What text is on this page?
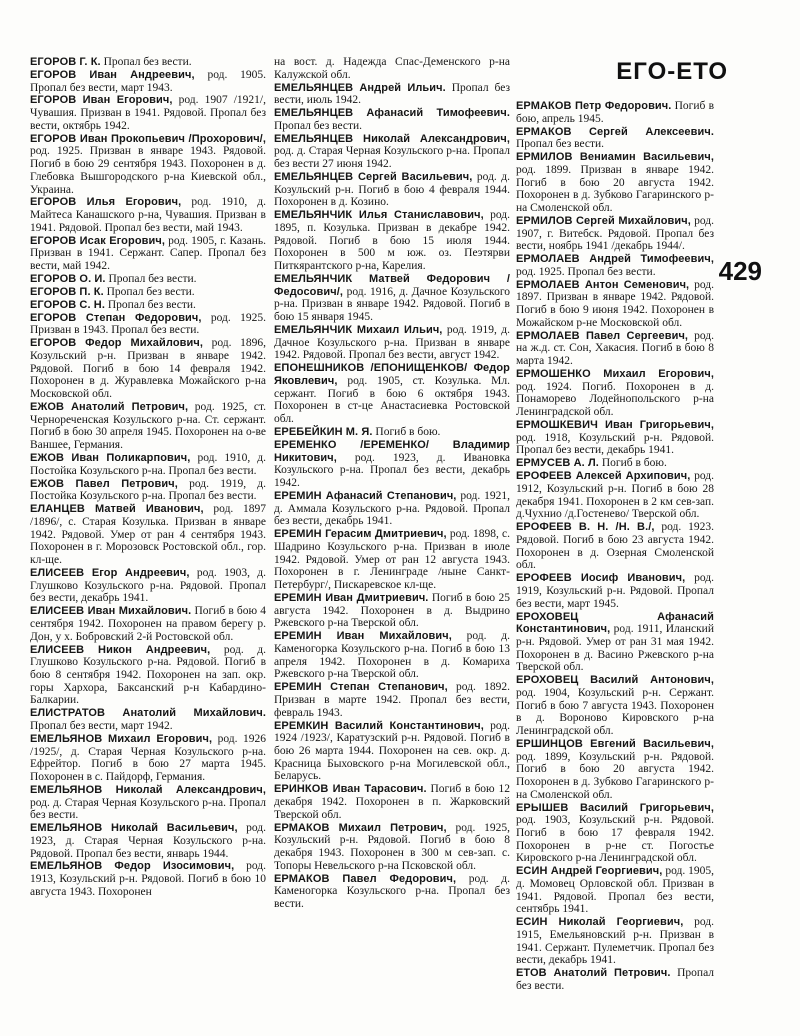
ЕГО-ЕТО
429
ЕГОРОВ Г. К. Пропал без вести.
ЕГОРОВ Иван Андреевич, род. 1905. Пропал без вести, март 1943.
ЕГОРОВ Иван Егорович, род. 1907 /1921/, Чувашия. Призван в 1941. Рядовой. Пропал без вести, октябрь 1942.
ЕГОРОВ Иван Прокопьевич /Прохорович/, род. 1925. Призван в январе 1943. Рядовой. Погиб в бою 29 сентября 1943. Похоронен в д. Глебовка Вышгородского р-на Киевской обл., Украина.
ЕГОРОВ Илья Егорович, род. 1910, д. Майтеса Канашского р-на, Чувашия. Призван в 1941. Рядовой. Пропал без вести, май 1943.
ЕГОРОВ Исак Егорович, род. 1905, г. Казань. Призван в 1941. Сержант. Сапер. Пропал без вести, май 1942.
ЕГОРОВ О. И. Пропал без вести.
ЕГОРОВ П. К. Пропал без вести.
ЕГОРОВ С. Н. Пропал без вести.
ЕГОРОВ Степан Федорович, род. 1925. Призван в 1943. Пропал без вести.
ЕГОРОВ Федор Михайлович, род. 1896, Козульский р-н. Призван в январе 1942. Рядовой. Погиб в бою 14 февраля 1942. Похоронен в д. Журавлевка Можайского р-на Московской обл.
ЕЖОВ Анатолий Петрович, род. 1925, ст. Чернореченская Козульского р-на. Ст. сержант. Погиб в бою 30 апреля 1945. Похоронен на о-ве Ваншее, Германия.
ЕЖОВ Иван Поликарпович, род. 1910, д. Постойка Козульского р-на. Пропал без вести.
ЕЖОВ Павел Петрович, род. 1919, д. Постойка Козульского р-на. Пропал без вести.
ЕЛАНЦЕВ Матвей Иванович, род. 1897 /1896/, с. Старая Козулька. Призван в январе 1942. Рядовой. Умер от ран 4 сентября 1943. Похоронен в г. Морозовск Ростовской обл., гор. кл-ще.
ЕЛИСЕЕВ Егор Андреевич, род. 1903, д. Глушково Козульского р-на. Рядовой. Пропал без вести, декабрь 1941.
ЕЛИСЕЕВ Иван Михайлович. Погиб в бою 4 сентября 1942. Похоронен на правом берегу р. Дон, у х. Бобровский 2-й Ростовской обл.
ЕЛИСЕЕВ Никон Андреевич, род. д. Глушково Козульского р-на. Рядовой. Погиб в бою 8 сентября 1942. Похоронен на зап. окр. горы Хархора, Баксанский р-н Кабардино-Балкарии.
ЕЛИСТРАТОВ Анатолий Михайлович. Пропал без вести, март 1942.
ЕМЕЛЬЯНОВ Михаил Егорович, род. 1926 /1925/, д. Старая Черная Козульского р-на. Ефрейтор. Погиб в бою 27 марта 1945. Похоронен в с. Пайдорф, Германия.
ЕМЕЛЬЯНОВ Николай Александрович, род. д. Старая Черная Козульского р-на. Пропал без вести.
ЕМЕЛЬЯНОВ Николай Васильевич, род. 1923, д. Старая Черная Козульского р-на. Рядовой. Пропал без вести, январь 1944.
ЕМЕЛЬЯНОВ Федор Изосимович, род. 1913, Козульский р-н. Рядовой. Погиб в бою 10 августа 1943. Похоронен
на вост. д. Надежда Спас-Деменского р-на Калужской обл.
ЕМЕЛЬЯНЦЕВ Андрей Ильич. Пропал без вести, июль 1942.
ЕМЕЛЬЯНЦЕВ Афанасий Тимофеевич. Пропал без вести.
ЕМЕЛЬЯНЦЕВ Николай Александрович, род. д. Старая Черная Козульского р-на. Пропал без вести 27 июня 1942.
ЕМЕЛЬЯНЦЕВ Сергей Васильевич, род. д. Козульский р-н. Погиб в бою 4 февраля 1944. Похоронен в д. Козино.
ЕМЕЛЬЯНЧИК Илья Станиславович, род. 1895, п. Козулька. Призван в декабре 1942. Рядовой. Погиб в бою 15 июля 1944. Похоронен в 500 м юж. оз. Пеэтярви Питкярантского р-на, Карелия.
ЕМЕЛЬЯНЧИК Матвей Федорович /Федосович/, род. 1916, д. Дачное Козульского р-на. Призван в январе 1942. Рядовой. Погиб в бою 15 января 1945.
ЕМЕЛЬЯНЧИК Михаил Ильич, род. 1919, д. Дачное Козульского р-на. Призван в январе 1942. Рядовой. Пропал без вести, август 1942.
ЕПОНЕШНИКОВ /ЕПОНИЩЕНКОВ/ Федор Яковлевич, род. 1905, ст. Козулька. Мл. сержант. Погиб в бою 6 октября 1943. Похоронен в ст-це Анастасиевка Ростовской обл.
ЕРЕБЕЙКИН М. Я. Погиб в бою.
ЕРЕМЕНКО /ЕРЕМЕНКО/ Владимир Никитович, род. 1923, д. Ивановка Козульского р-на. Пропал без вести, декабрь 1942.
ЕРЕМИН Афанасий Степанович, род. 1921, д. Аммала Козульского р-на. Рядовой. Пропал без вести, декабрь 1941.
ЕРЕМИН Герасим Дмитриевич, род. 1898, с. Шадрино Козульского р-на. Призван в июле 1942. Рядовой. Умер от ран 12 августа 1943. Похоронен в г. Ленинграде /ныне Санкт-Петербург/, Пискаревское кл-ще.
ЕРЕМИН Иван Дмитриевич. Погиб в бою 25 августа 1942. Похоронен в д. Выдрино Ржевского р-на Тверской обл.
ЕРЕМИН Иван Михайлович, род. д. Каменогорка Козульского р-на. Погиб в бою 13 апреля 1942. Похоронен в д. Комариха Ржевского р-на Тверской обл.
ЕРЕМИН Степан Степанович, род. 1892. Призван в марте 1942. Пропал без вести, февраль 1943.
ЕРЕМКИН Василий Константинович, род. 1924 /1923/, Каратузский р-н. Рядовой. Погиб в бою 26 марта 1944. Похоронен на сев. окр. д. Красница Быховского р-на Могилевской обл., Беларусь.
ЕРИНКОВ Иван Тарасович. Погиб в бою 12 декабря 1942. Похоронен в п. Жарковский Тверской обл.
ЕРМАКОВ Михаил Петрович, род. 1925, Козульский р-н. Рядовой. Погиб в бою 8 декабря 1943. Похоронен в 300 м сев-зап. с. Топоры Невельского р-на Псковской обл.
ЕРМАКОВ Павел Федорович, род. д. Каменогорка Козульского р-на. Пропал без вести.
ЕРМАКОВ Петр Федорович. Погиб в бою, апрель 1945.
ЕРМАКОВ Сергей Алексеевич. Пропал без вести.
ЕРМИЛОВ Вениамин Васильевич, род. 1899. Призван в январе 1942. Погиб в бою 20 августа 1942. Похоронен в д. Зубково Гагаринского р-на Смоленской обл.
ЕРМИЛОВ Сергей Михайлович, род. 1907, г. Витебск. Рядовой. Пропал без вести, ноябрь 1941 /декабрь 1944/.
ЕРМОЛАЕВ Андрей Тимофеевич, род. 1925. Пропал без вести.
ЕРМОЛАЕВ Антон Семенович, род. 1897. Призван в январе 1942. Рядовой. Погиб в бою 9 июня 1942. Похоронен в Можайском р-не Московской обл.
ЕРМОЛАЕВ Павел Сергеевич, род. на ж.д. ст. Сон, Хакасия. Погиб в бою 8 марта 1942.
ЕРМОШЕНКО Михаил Егорович, род. 1924. Погиб. Похоронен в д. Понаморево Лодейнопольского р-на Ленинградской обл.
ЕРМОШКЕВИЧ Иван Григорьевич, род. 1918, Козульский р-н. Рядовой. Пропал без вести, декабрь 1941.
ЕРМУСЕВ А. Л. Погиб в бою.
ЕРОФЕЕВ Алексей Архипович, род. 1912, Козульский р-н. Погиб в бою 28 декабря 1941. Похоронен в 2 км сев-зап. д.Чухнио /д.Гостенево/ Тверской обл.
ЕРОФЕЕВ В. Н. /Н. В./, род. 1923. Рядовой. Погиб в бою 23 августа 1942. Похоронен в д. Озерная Смоленской обл.
ЕРОФЕЕВ Иосиф Иванович, род. 1919, Козульский р-н. Рядовой. Пропал без вести, март 1945.
ЕРОХОВЕЦ Афанасий Константинович, род. 1911, Иланский р-н. Рядовой. Умер от ран 31 мая 1942. Похоронен в д. Васино Ржевского р-на Тверской обл.
ЕРОХОВЕЦ Василий Антонович, род. 1904, Козульский р-н. Сержант. Погиб в бою 7 августа 1943. Похоронен в д. Вороново Кировского р-на Ленинградской обл.
ЕРШИНЦОВ Евгений Васильевич, род. 1899, Козульский р-н. Рядовой. Погиб в бою 20 августа 1942. Похоронен в д. Зубково Гагаринского р-на Смоленской обл.
ЕРЫШЕВ Василий Григорьевич, род. 1903, Козульский р-н. Рядовой. Погиб в бою 17 февраля 1942. Похоронен в р-не ст. Погостье Кировского р-на Ленинградской обл.
ЕСИН Андрей Георгиевич, род. 1905, д. Момовец Орловской обл. Призван в 1941. Рядовой. Пропал без вести, сентябрь 1941.
ЕСИН Николай Георгиевич, род. 1915, Емельяновский р-н. Призван в 1941. Сержант. Пулеметчик. Пропал без вести, декабрь 1941.
ЕТОВ Анатолий Петрович. Пропал без вести.
